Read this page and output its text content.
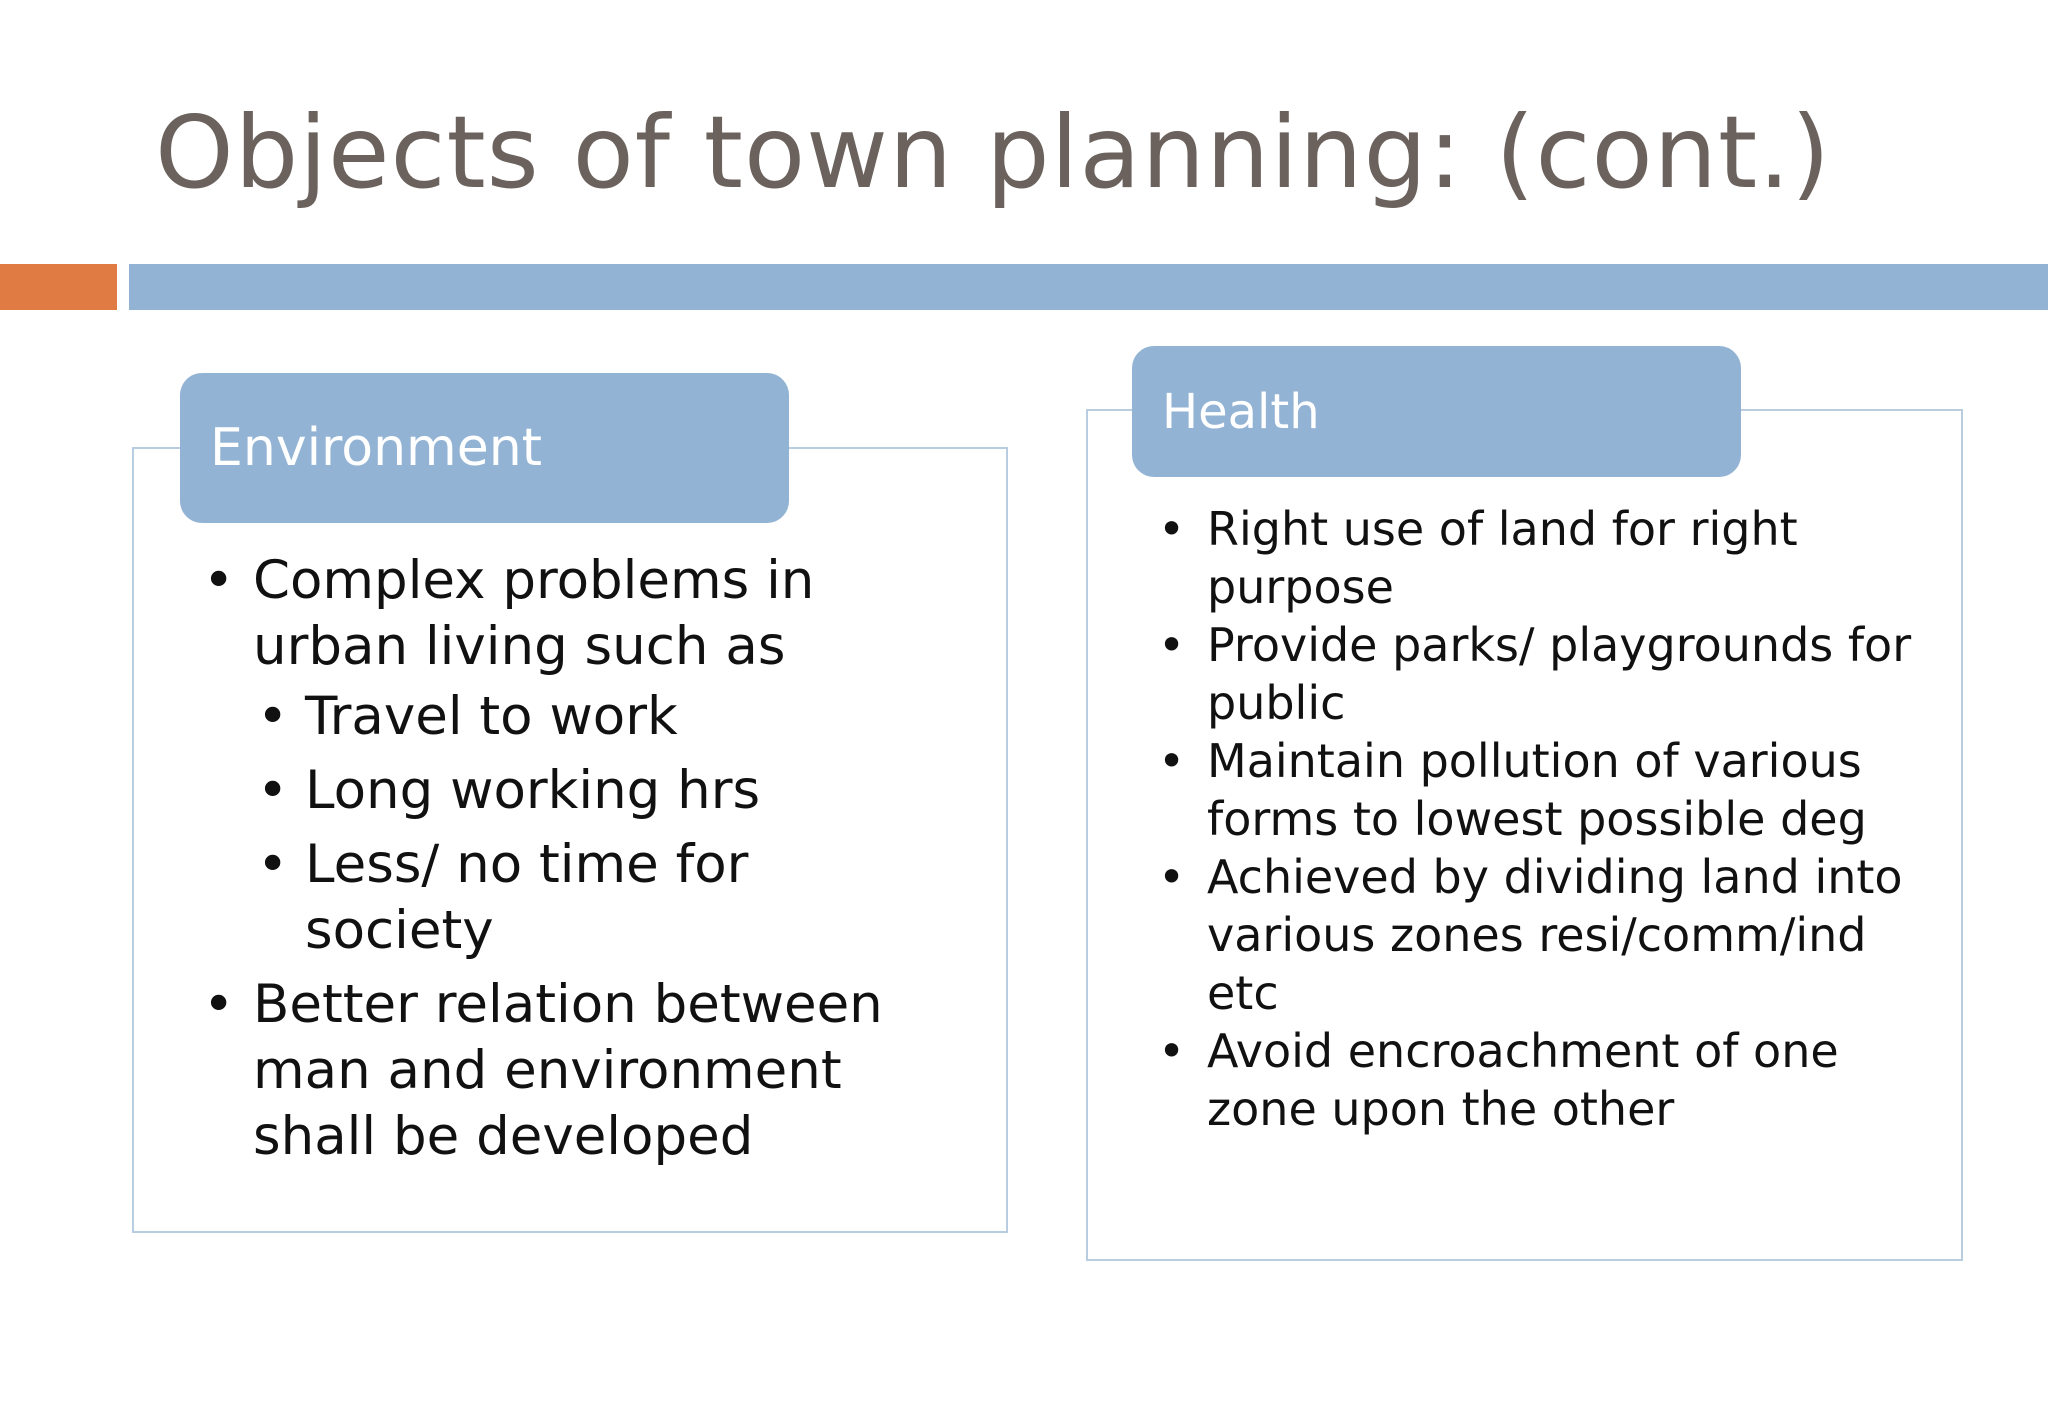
Objects of town planning: (cont.)
Environment
• Complex problems in urban living such as
• Travel to work
• Long working hrs
• Less/ no time for society
• Better relation between man and environment shall be developed
Health
• Right use of land for right purpose
• Provide parks/ playgrounds for public
• Maintain pollution of various forms to lowest possible deg
• Achieved by dividing land into various zones resi/comm/ind etc
• Avoid encroachment of one zone upon the other
